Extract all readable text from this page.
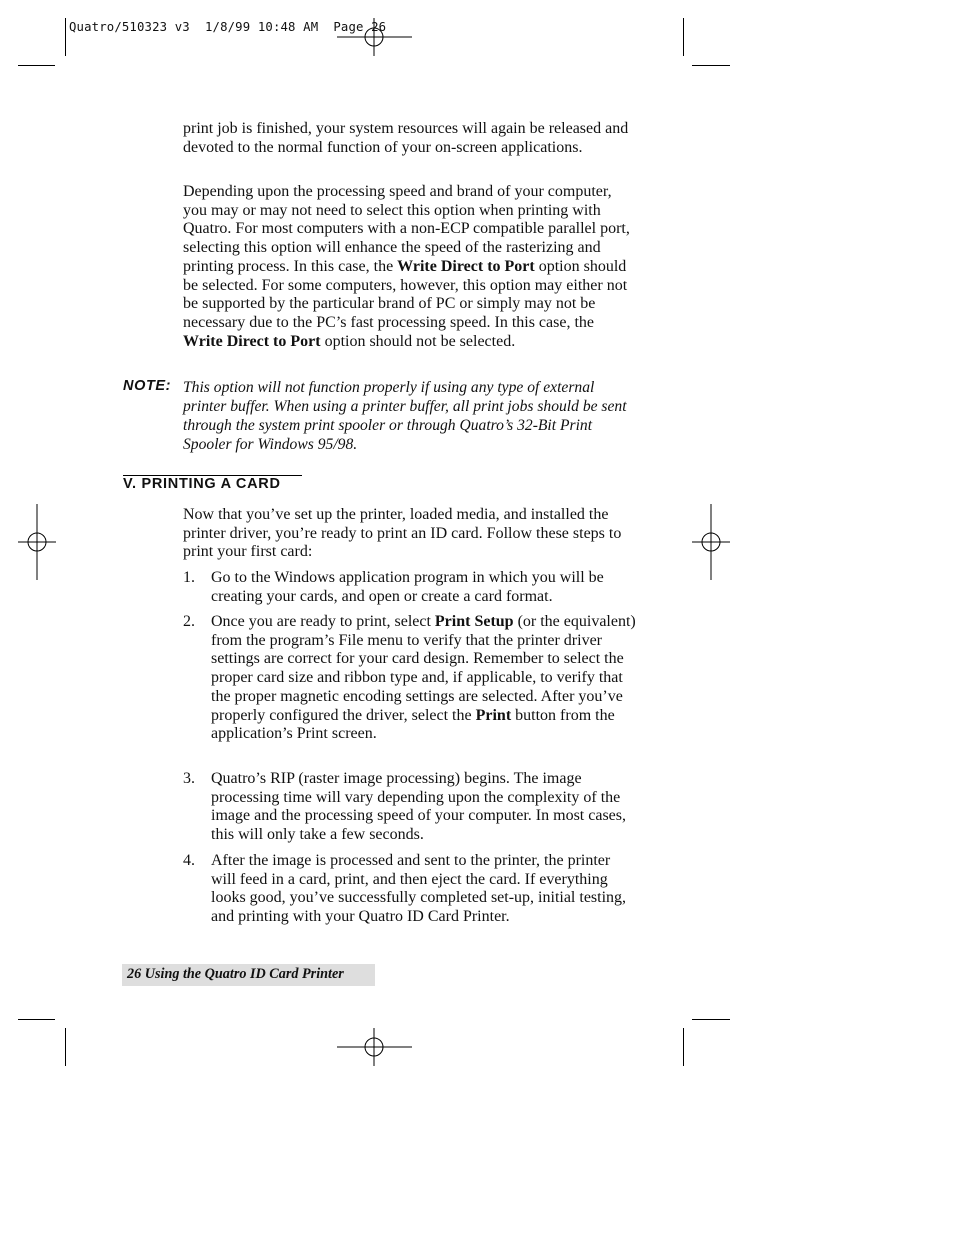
Quatro/510323 v3  1/8/99 10:48 AM  Page 26

print job is finished, your system resources will again be released and devoted to the normal function of your on-screen applications.

Depending upon the processing speed and brand of your computer, you may or may not need to select this option when printing with Quatro. For most computers with a non-ECP compatible parallel port, selecting this option will enhance the speed of the rasterizing and printing process. In this case, the Write Direct to Port option should be selected. For some computers, however, this option may either not be supported by the particular brand of PC or simply may not be necessary due to the PC’s fast processing speed. In this case, the Write Direct to Port option should not be selected.

NOTE: This option will not function properly if using any type of external printer buffer. When using a printer buffer, all print jobs should be sent through the system print spooler or through Quatro’s 32-Bit Print Spooler for Windows 95/98.
V. PRINTING A CARD

Now that you’ve set up the printer, loaded media, and installed the printer driver, you’re ready to print an ID card. Follow these steps to print your first card:

1. Go to the Windows application program in which you will be creating your cards, and open or create a card format.
2. Once you are ready to print, select Print Setup (or the equivalent) from the program’s File menu to verify that the printer driver settings are correct for your card design. Remember to select the proper card size and ribbon type and, if applicable, to verify that the proper magnetic encoding settings are selected. After you’ve properly configured the driver, select the Print button from the application’s Print screen.
3. Quatro’s RIP (raster image processing) begins. The image processing time will vary depending upon the complexity of the image and the processing speed of your computer. In most cases, this will only take a few seconds.
4. After the image is processed and sent to the printer, the printer will feed in a card, print, and then eject the card. If everything looks good, you’ve successfully completed set-up, initial testing, and printing with your Quatro ID Card Printer.
26 Using the Quatro ID Card Printer
